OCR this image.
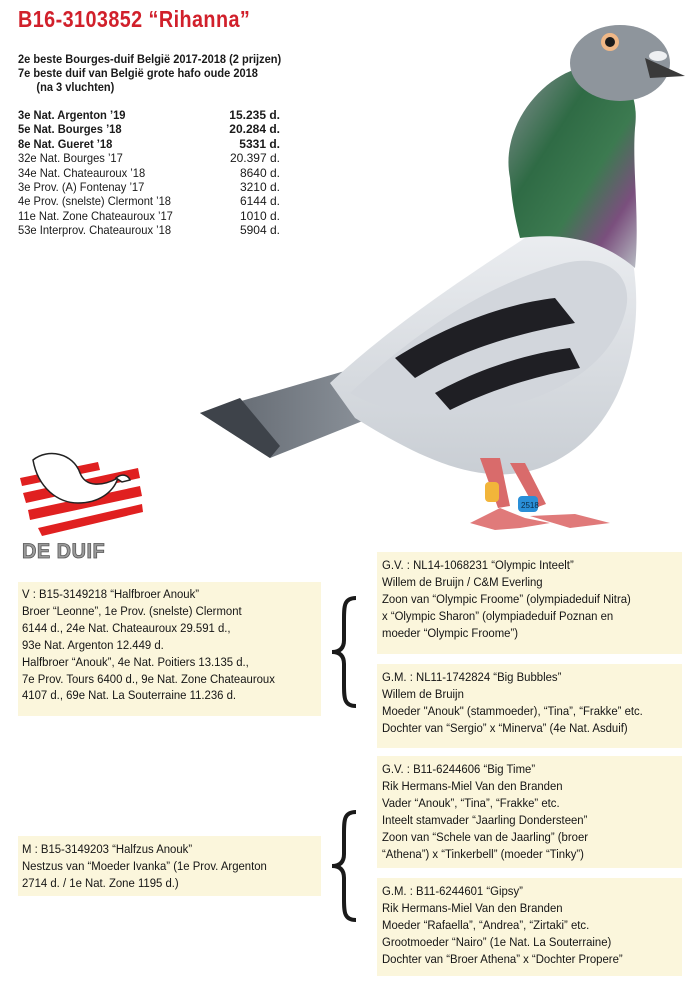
B16-3103852 “Rihanna”
2e beste Bourges-duif België 2017-2018 (2 prijzen)
7e beste duif van België grote hafo oude 2018
(na 3 vluchten)
3e Nat. Argenton ’19	15.235 d.
5e Nat. Bourges ’18	20.284 d.
8e Nat. Gueret ’18	5331 d.
32e Nat. Bourges ’17	20.397 d.
34e Nat. Chateauroux ’18	8640 d.
3e Prov. (A) Fontenay ’17	3210 d.
4e Prov. (snelste) Clermont ’18	6144 d.
11e Nat. Zone Chateauroux ’17	1010 d.
53e Interprov. Chateauroux ’18	5904 d.
2518
DE DUIF
V : B15-3149218 “Halfbroer Anouk”
Broer “Leonne”, 1e Prov. (snelste) Clermont
6144 d., 24e Nat. Chateauroux 29.591 d.,
93e Nat. Argenton 12.449 d.
Halfbroer “Anouk”, 4e Nat. Poitiers 13.135 d.,
7e Prov. Tours 6400 d., 9e Nat. Zone Chateauroux
4107 d., 69e Nat. La Souterraine 11.236 d.
G.V. : NL14-1068231 “Olympic Inteelt”
Willem de Bruijn / C&M Everling
Zoon van “Olympic Froome” (olympiadeduif Nitra)
x “Olympic Sharon” (olympiadeduif Poznan en
moeder “Olympic Froome”)
G.M. : NL11-1742824 “Big Bubbles”
Willem de Bruijn
Moeder "Anouk" (stammoeder), “Tina”, “Frakke” etc.
Dochter van “Sergio” x “Minerva” (4e Nat. Asduif)
M : B15-3149203 “Halfzus Anouk”
Nestzus van “Moeder Ivanka” (1e Prov. Argenton
2714 d. / 1e Nat. Zone 1195 d.)
G.V. : B11-6244606 “Big Time”
Rik Hermans-Miel Van den Branden
Vader “Anouk”, “Tina”, “Frakke” etc.
Inteelt stamvader “Jaarling Dondersteen”
Zoon van “Schele van de Jaarling” (broer
“Athena”) x “Tinkerbell” (moeder “Tinky”)
G.M. : B11-6244601 “Gipsy”
Rik Hermans-Miel Van den Branden
Moeder “Rafaella”, “Andrea”, “Zirtaki” etc.
Grootmoeder “Nairo” (1e Nat. La Souterraine)
Dochter van “Broer Athena” x “Dochter Propere”
